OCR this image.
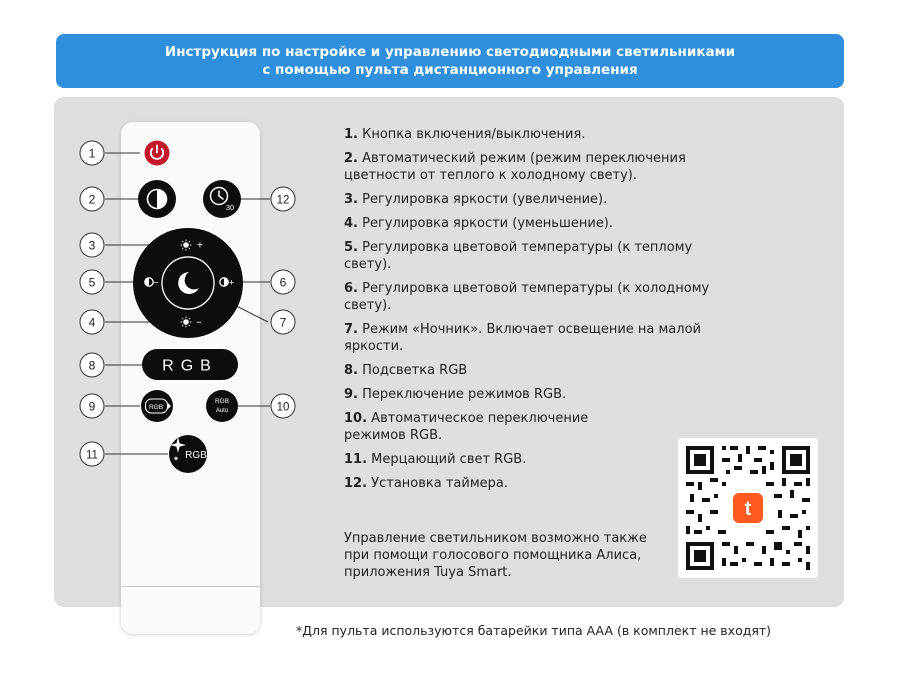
Инструкция по настройке и управлению светодиодными светильниками
с помощью пульта дистанционного управления
1
2
3
4
5	6
7
8
9	10
11
12
30
+
−
−	+
RGB
RGB
RGB
Auto
RGB
1. Кнопка включения/выключения.
2. Автоматический режим (режим переключения цветности от теплого к холодному свету).
3. Регулировка яркости (увеличение).
4. Регулировка яркости (уменьшение).
5. Регулировка цветовой температуры (к теплому свету).
6. Регулировка цветовой температуры (к холодному свету).
7. Режим «Ночник». Включает освещение на малой яркости.
8. Подсветка RGB
9. Переключение режимов RGB.
10. Автоматическое переключение режимов RGB.
11. Мерцающий свет RGB.
12. Установка таймера.
Управление светильником возможно также при помощи голосового помощника Алиса, приложения Tuya Smart.
t
*Для пульта используются батарейки типа AAA (в комплект не входят)
